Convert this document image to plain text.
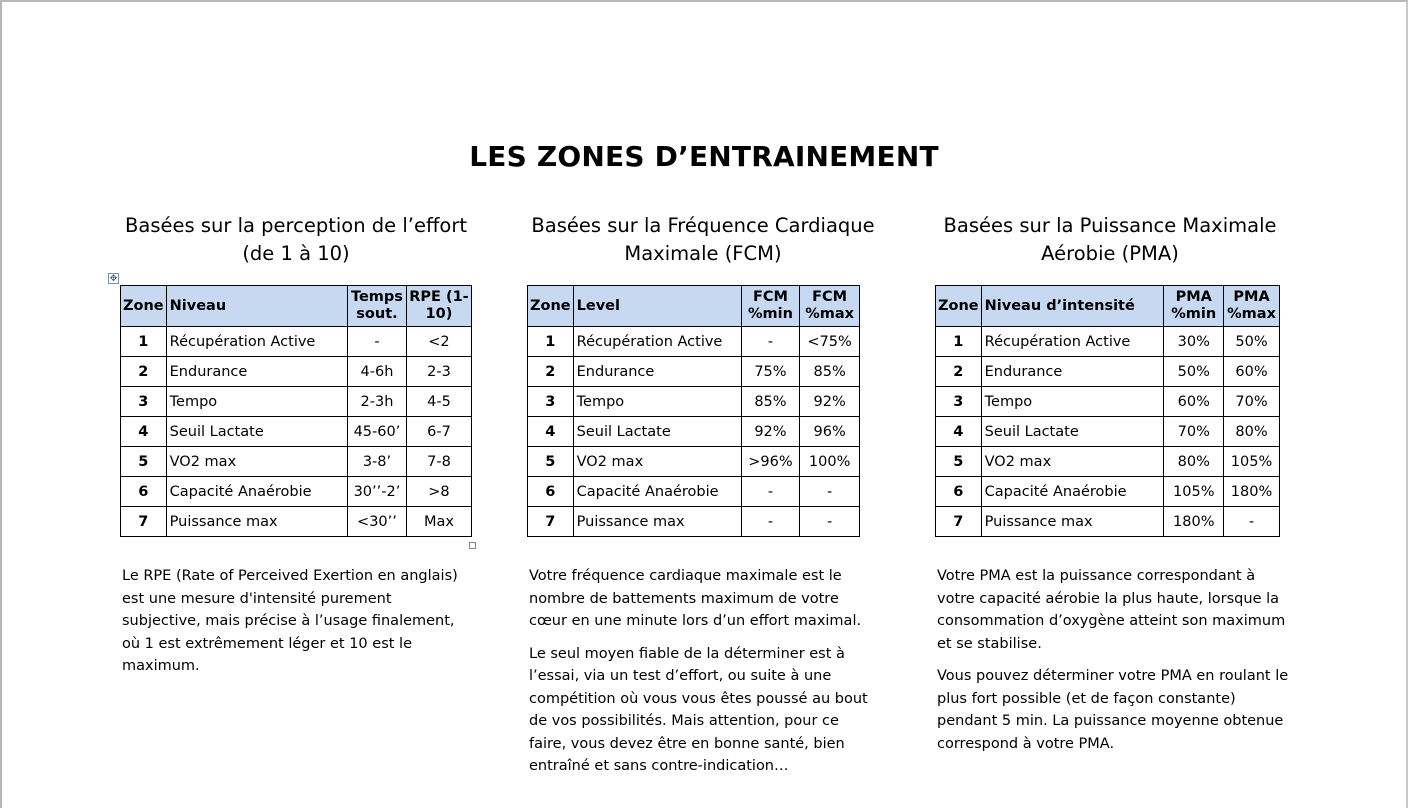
LES ZONES D’ENTRAINEMENT
✥
Basées sur la perception de l’effort
(de 1 à 10)
Zone	Niveau	Temps sout.	RPE (1-10)
1	Récupération Active	-	<2
2	Endurance	4-6h	2-3
3	Tempo	2-3h	4-5
4	Seuil Lactate	45-60’	6-7
5	VO2 max	3-8’	7-8
6	Capacité Anaérobie	30’’-2’	>8
7	Puissance max	<30’’	Max

Le RPE (Rate of Perceived Exertion en anglais) est une mesure d'intensité purement subjective, mais précise à l’usage finalement, où 1 est extrêmement léger et 10 est le maximum.

Basées sur la Fréquence Cardiaque
Maximale (FCM)
Zone	Level	FCM %min	FCM %max
1	Récupération Active	-	<75%
2	Endurance	75%	85%
3	Tempo	85%	92%
4	Seuil Lactate	92%	96%
5	VO2 max	>96%	100%
6	Capacité Anaérobie	-	-
7	Puissance max	-	-

Votre fréquence cardiaque maximale est le nombre de battements maximum de votre cœur en une minute lors d’un effort maximal.

Le seul moyen fiable de la déterminer est à l’essai, via un test d’effort, ou suite à une compétition où vous vous êtes poussé au bout de vos possibilités. Mais attention, pour ce faire, vous devez être en bonne santé, bien entraîné et sans contre-indication…

Basées sur la Puissance Maximale
Aérobie (PMA)
Zone	Niveau d’intensité	PMA %min	PMA %max
1	Récupération Active	30%	50%
2	Endurance	50%	60%
3	Tempo	60%	70%
4	Seuil Lactate	70%	80%
5	VO2 max	80%	105%
6	Capacité Anaérobie	105%	180%
7	Puissance max	180%	-

Votre PMA est la puissance correspondant à votre capacité aérobie la plus haute, lorsque la consommation d’oxygène atteint son maximum et se stabilise.

Vous pouvez déterminer votre PMA en roulant le plus fort possible (et de façon constante) pendant 5 min. La puissance moyenne obtenue correspond à votre PMA.
